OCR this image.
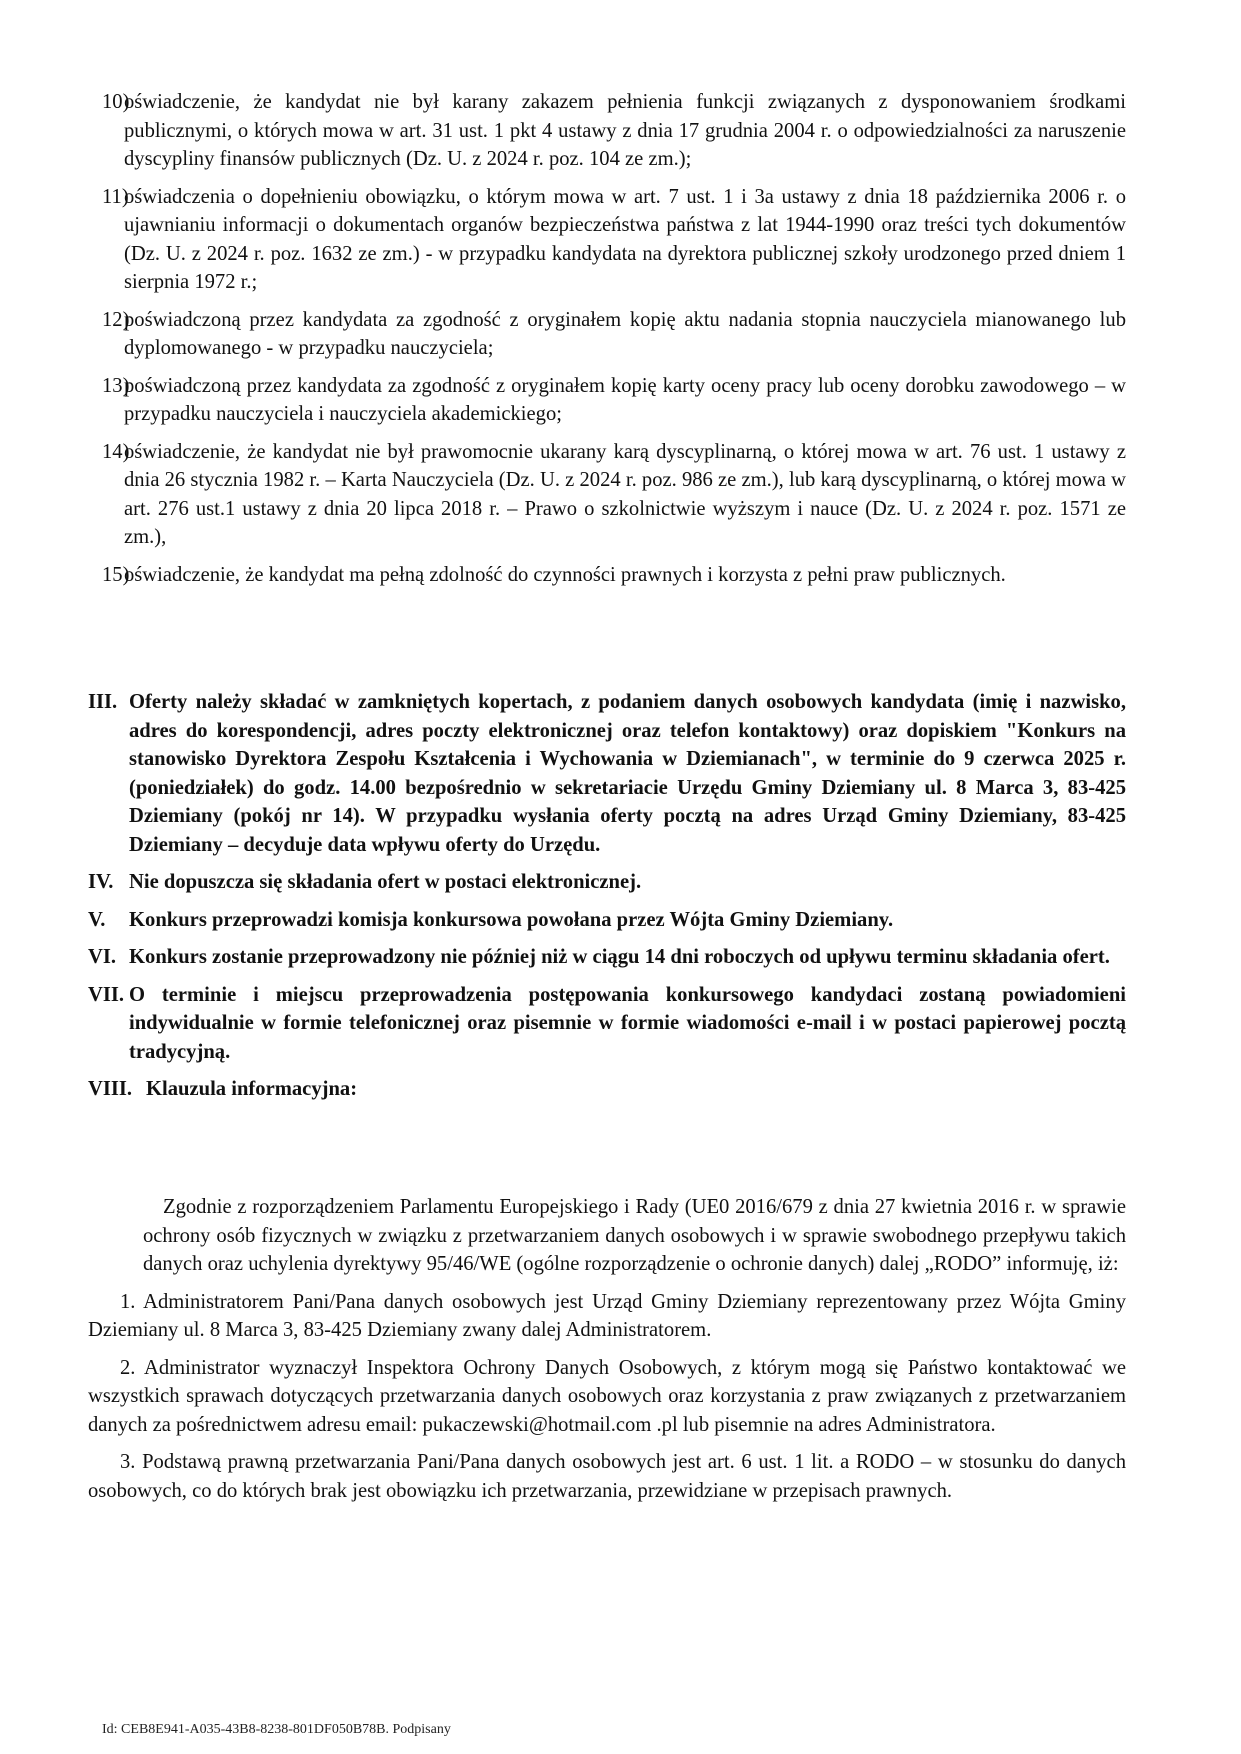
10)
oświadczenie, że kandydat nie był karany zakazem pełnienia funkcji związanych z dysponowaniem środkami publicznymi, o których mowa w art. 31 ust. 1 pkt 4 ustawy z dnia 17 grudnia 2004 r. o odpowiedzialności za naruszenie dyscypliny finansów publicznych (Dz. U. z 2024 r. poz. 104 ze zm.);
11)
oświadczenia o dopełnieniu obowiązku, o którym mowa w art. 7 ust. 1 i 3a ustawy z dnia 18 października 2006 r. o ujawnianiu informacji o dokumentach organów bezpieczeństwa państwa z lat 1944-1990 oraz treści tych dokumentów (Dz. U. z 2024 r. poz. 1632 ze zm.) - w przypadku kandydata na dyrektora publicznej szkoły urodzonego przed dniem 1 sierpnia 1972 r.;
12)
poświadczoną przez kandydata za zgodność z oryginałem kopię aktu nadania stopnia nauczyciela mianowanego lub dyplomowanego - w przypadku nauczyciela;
13)
poświadczoną przez kandydata za zgodność z oryginałem kopię karty oceny pracy lub oceny dorobku zawodowego – w przypadku nauczyciela i nauczyciela akademickiego;
14)
oświadczenie, że kandydat nie był prawomocnie ukarany karą dyscyplinarną, o której mowa w art. 76 ust. 1 ustawy z dnia 26 stycznia 1982 r. – Karta Nauczyciela (Dz. U. z 2024 r. poz. 986 ze zm.), lub karą dyscyplinarną, o której mowa w art. 276 ust.1 ustawy z dnia 20 lipca 2018 r. – Prawo o szkolnictwie wyższym i nauce (Dz. U. z 2024 r. poz. 1571 ze zm.),
15)
oświadczenie, że kandydat ma pełną zdolność do czynności prawnych i korzysta z pełni praw publicznych.
III. Oferty należy składać w zamkniętych kopertach, z podaniem danych osobowych kandydata (imię i nazwisko, adres do korespondencji, adres poczty elektronicznej oraz telefon kontaktowy) oraz dopiskiem "Konkurs na stanowisko Dyrektora Zespołu Kształcenia i Wychowania w Dziemianach", w terminie do 9 czerwca 2025 r. (poniedziałek) do godz. 14.00 bezpośrednio w sekretariacie Urzędu Gminy Dziemiany ul. 8 Marca 3, 83-425 Dziemiany (pokój nr 14). W przypadku wysłania oferty pocztą na adres Urząd Gminy Dziemiany, 83-425 Dziemiany – decyduje data wpływu oferty do Urzędu.
IV. Nie dopuszcza się składania ofert w postaci elektronicznej.
V.	Konkurs przeprowadzi komisja konkursowa powołana przez Wójta Gminy Dziemiany.
VI. Konkurs zostanie przeprowadzony nie później niż w ciągu 14 dni roboczych od upływu terminu składania ofert.
VII. O terminie i miejscu przeprowadzenia postępowania konkursowego kandydaci zostaną powiadomieni indywidualnie w formie telefonicznej oraz pisemnie w formie wiadomości e-mail i w postaci papierowej pocztą tradycyjną.
VIII. Klauzula informacyjna:
Zgodnie z rozporządzeniem Parlamentu Europejskiego i Rady (UE0 2016/679 z dnia 27 kwietnia 2016 r. w sprawie ochrony osób fizycznych w związku z przetwarzaniem danych osobowych i w sprawie swobodnego przepływu takich danych oraz uchylenia dyrektywy 95/46/WE (ogólne rozporządzenie o ochronie danych) dalej „RODO” informuję, iż:
1. Administratorem Pani/Pana danych osobowych jest Urząd Gminy Dziemiany reprezentowany przez Wójta Gminy Dziemiany ul. 8 Marca 3, 83-425 Dziemiany zwany dalej Administratorem.
2. Administrator wyznaczył Inspektora Ochrony Danych Osobowych, z którym mogą się Państwo kontaktować we wszystkich sprawach dotyczących przetwarzania danych osobowych oraz korzystania z praw związanych z przetwarzaniem danych za pośrednictwem adresu email: pukaczewski@hotmail.com .pl lub pisemnie na adres Administratora.
3. Podstawą prawną przetwarzania Pani/Pana danych osobowych jest art. 6 ust. 1 lit. a RODO – w stosunku do danych osobowych, co do których brak jest obowiązku ich przetwarzania, przewidziane w przepisach prawnych.
Id: CEB8E941-A035-43B8-8238-801DF050B78B. Podpisany
